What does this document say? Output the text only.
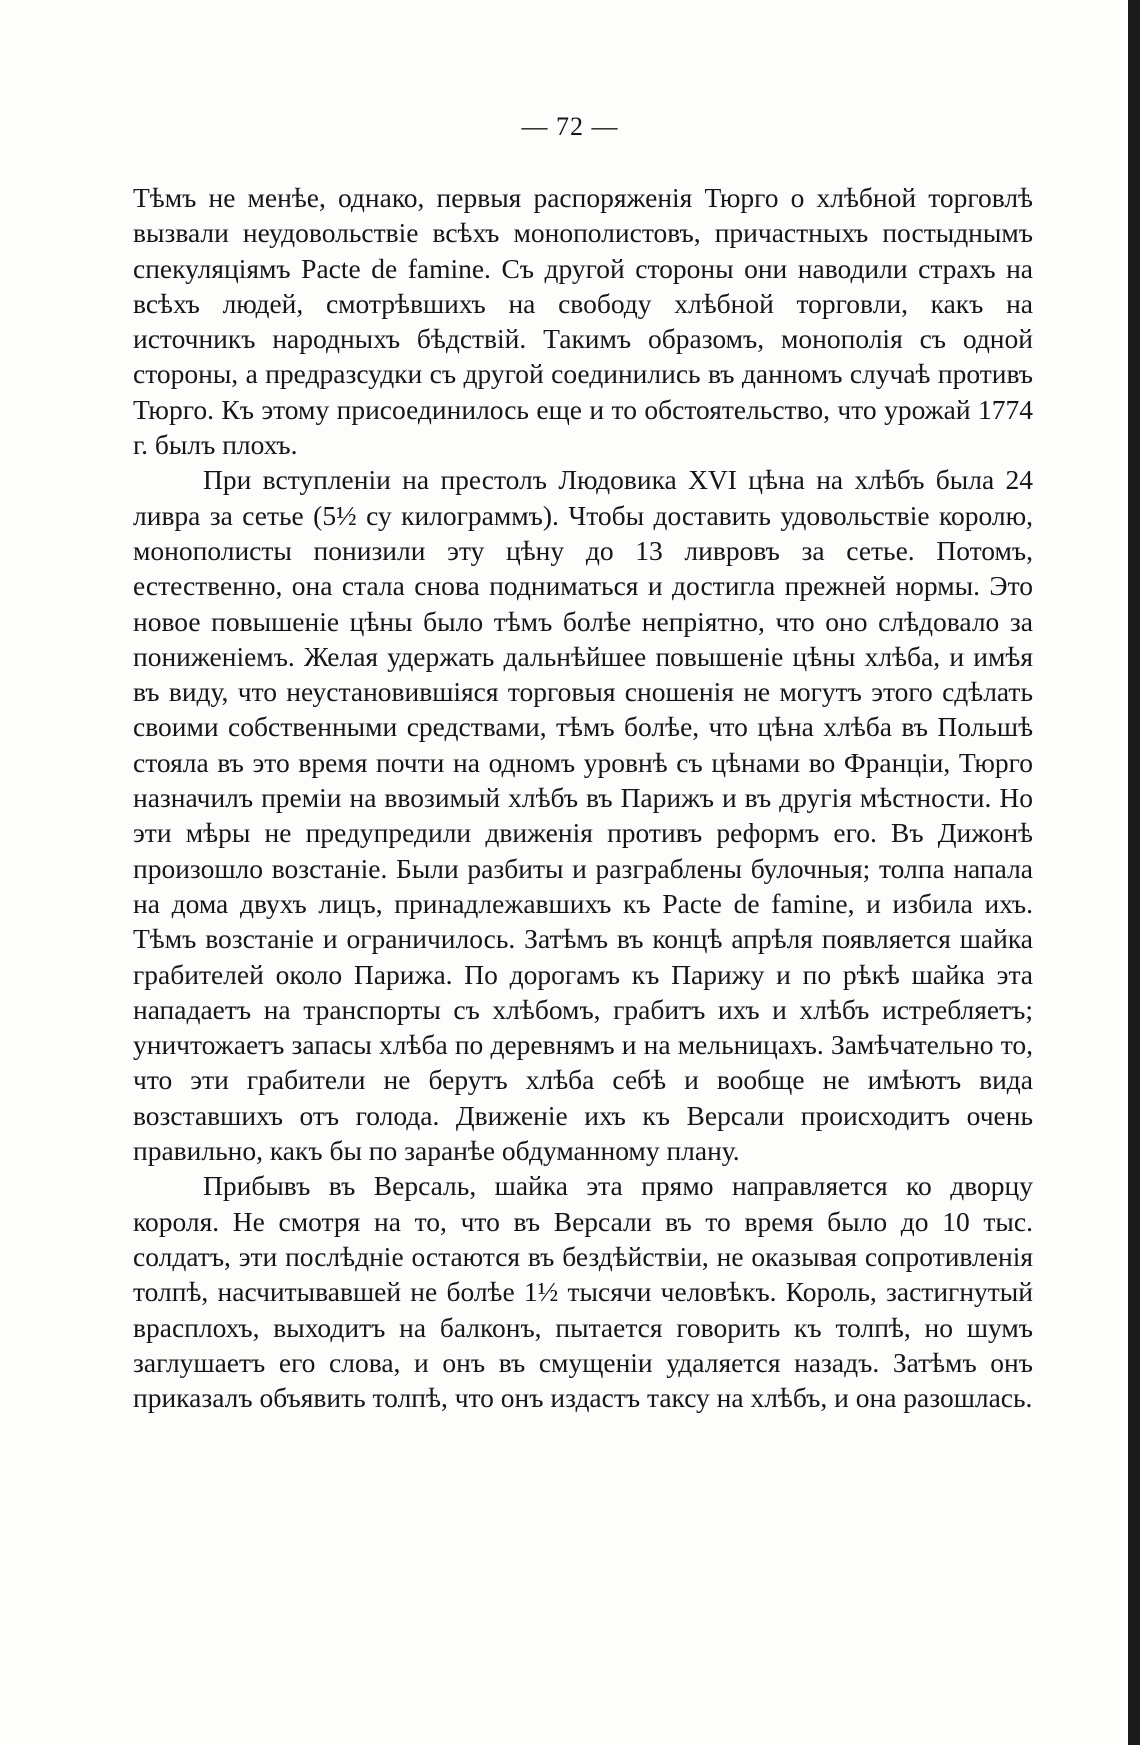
— 72 —

Тѣмъ не менѣе, однако, первыя распоряженія Тюрго о хлѣбной торговлѣ вызвали неудовольствіе всѣхъ монополистовъ, причастныхъ постыднымъ спекуляціямъ Pacte de famine. Съ другой стороны они наводили страхъ на всѣхъ людей, смотрѣвшихъ на свободу хлѣбной торговли, какъ на источникъ народныхъ бѣдствій. Такимъ образомъ, монополія съ одной стороны, а предразсудки съ другой соединились въ данномъ случаѣ противъ Тюрго. Къ этому присоединилось еще и то обстоятельство, что урожай 1774 г. былъ плохъ.

При вступленіи на престолъ Людовика XVI цѣна на хлѣбъ была 24 ливра за сетье (5½ су килограммъ). Чтобы доставить удовольствіе королю, монополисты понизили эту цѣну до 13 ливровъ за сетье. Потомъ, естественно, она стала снова подниматься и достигла прежней нормы. Это новое повышеніе цѣны было тѣмъ болѣе непріятно, что оно слѣдовало за пониженіемъ. Желая удержать дальнѣйшее повышеніе цѣны хлѣба, и имѣя въ виду, что неустановившіяся торговыя сношенія не могутъ этого сдѣлать своими собственными средствами, тѣмъ болѣе, что цѣна хлѣба въ Польшѣ стояла въ это время почти на одномъ уровнѣ съ цѣнами во Франціи, Тюрго назначилъ преміи на ввозимый хлѣбъ въ Парижъ и въ другія мѣстности. Но эти мѣры не предупредили движенія противъ реформъ его. Въ Дижонѣ произошло возстаніе. Были разбиты и разграблены булочныя; толпа напала на дома двухъ лицъ, принадлежавшихъ къ Pacte de famine, и избила ихъ. Тѣмъ возстаніе и ограничилось. Затѣмъ въ концѣ апрѣля появляется шайка грабителей около Парижа. По дорогамъ къ Парижу и по рѣкѣ шайка эта нападаетъ на транспорты съ хлѣбомъ, грабитъ ихъ и хлѣбъ истребляетъ; уничтожаетъ запасы хлѣба по деревнямъ и на мельницахъ. Замѣчательно то, что эти грабители не берутъ хлѣба себѣ и вообще не имѣютъ вида возставшихъ отъ голода. Движеніе ихъ къ Версали происходитъ очень правильно, какъ бы по заранѣе обдуманному плану.

Прибывъ въ Версаль, шайка эта прямо направляется ко дворцу короля. Не смотря на то, что въ Версали въ то время было до 10 тыс. солдатъ, эти послѣдніе остаются въ бездѣйствіи, не оказывая сопротивленія толпѣ, насчитывавшей не болѣе 1½ тысячи человѣкъ. Король, застигнутый врасплохъ, выходитъ на балконъ, пытается говорить къ толпѣ, но шумъ заглушаетъ его слова, и онъ въ смущеніи удаляется назадъ. Затѣмъ онъ приказалъ объявить толпѣ, что онъ издастъ таксу на хлѣбъ, и она разошлась.
